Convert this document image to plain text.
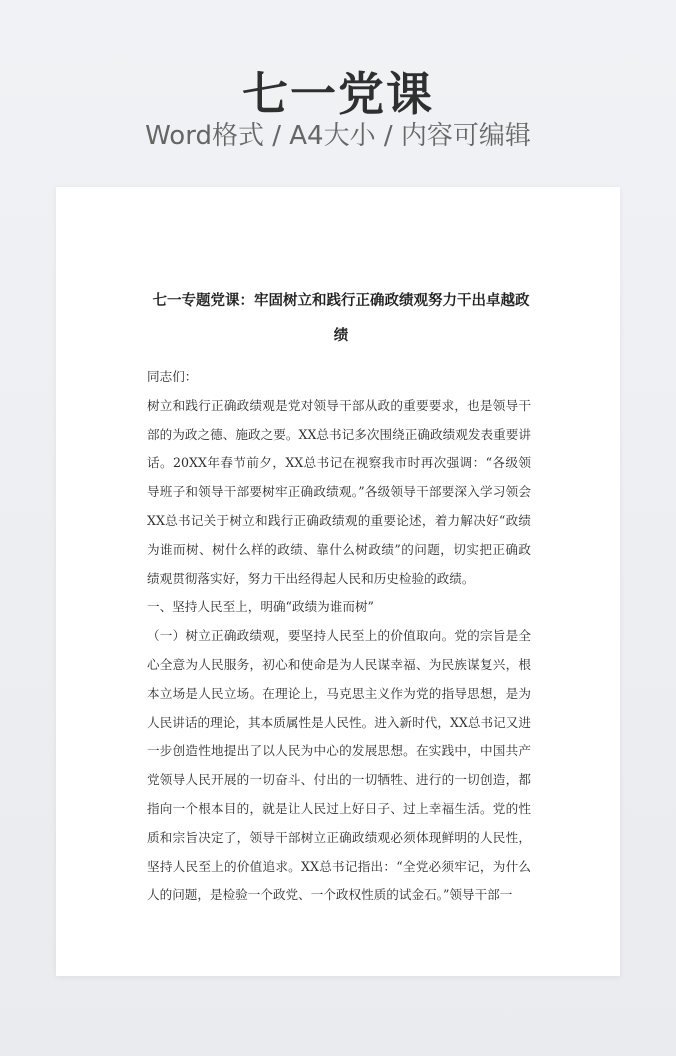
七一党课
Word格式 / A4大小 / 内容可编辑
七一专题党课：牢固树立和践行正确政绩观努力干出卓越政绩

同志们：

树立和践行正确政绩观是党对领导干部从政的重要要求，也是领导干部的为政之德、施政之要。XX总书记多次围绕正确政绩观发表重要讲话。20XX年春节前夕，XX总书记在视察我市时再次强调：“各级领导班子和领导干部要树牢正确政绩观。”各级领导干部要深入学习领会XX总书记关于树立和践行正确政绩观的重要论述，着力解决好“政绩为谁而树、树什么样的政绩、靠什么树政绩”的问题，切实把正确政绩观贯彻落实好，努力干出经得起人民和历史检验的政绩。

一、坚持人民至上，明确“政绩为谁而树”

（一）树立正确政绩观，要坚持人民至上的价值取向。党的宗旨是全心全意为人民服务，初心和使命是为人民谋幸福、为民族谋复兴，根本立场是人民立场。在理论上，马克思主义作为党的指导思想，是为人民讲话的理论，其本质属性是人民性。进入新时代，XX总书记又进一步创造性地提出了以人民为中心的发展思想。在实践中，中国共产党领导人民开展的一切奋斗、付出的一切牺牲、进行的一切创造，都指向一个根本目的，就是让人民过上好日子、过上幸福生活。党的性质和宗旨决定了，领导干部树立正确政绩观必须体现鲜明的人民性，坚持人民至上的价值追求。XX总书记指出：“全党必须牢记，为什么人的问题，是检验一个政党、一个政权性质的试金石。”领导干部一
